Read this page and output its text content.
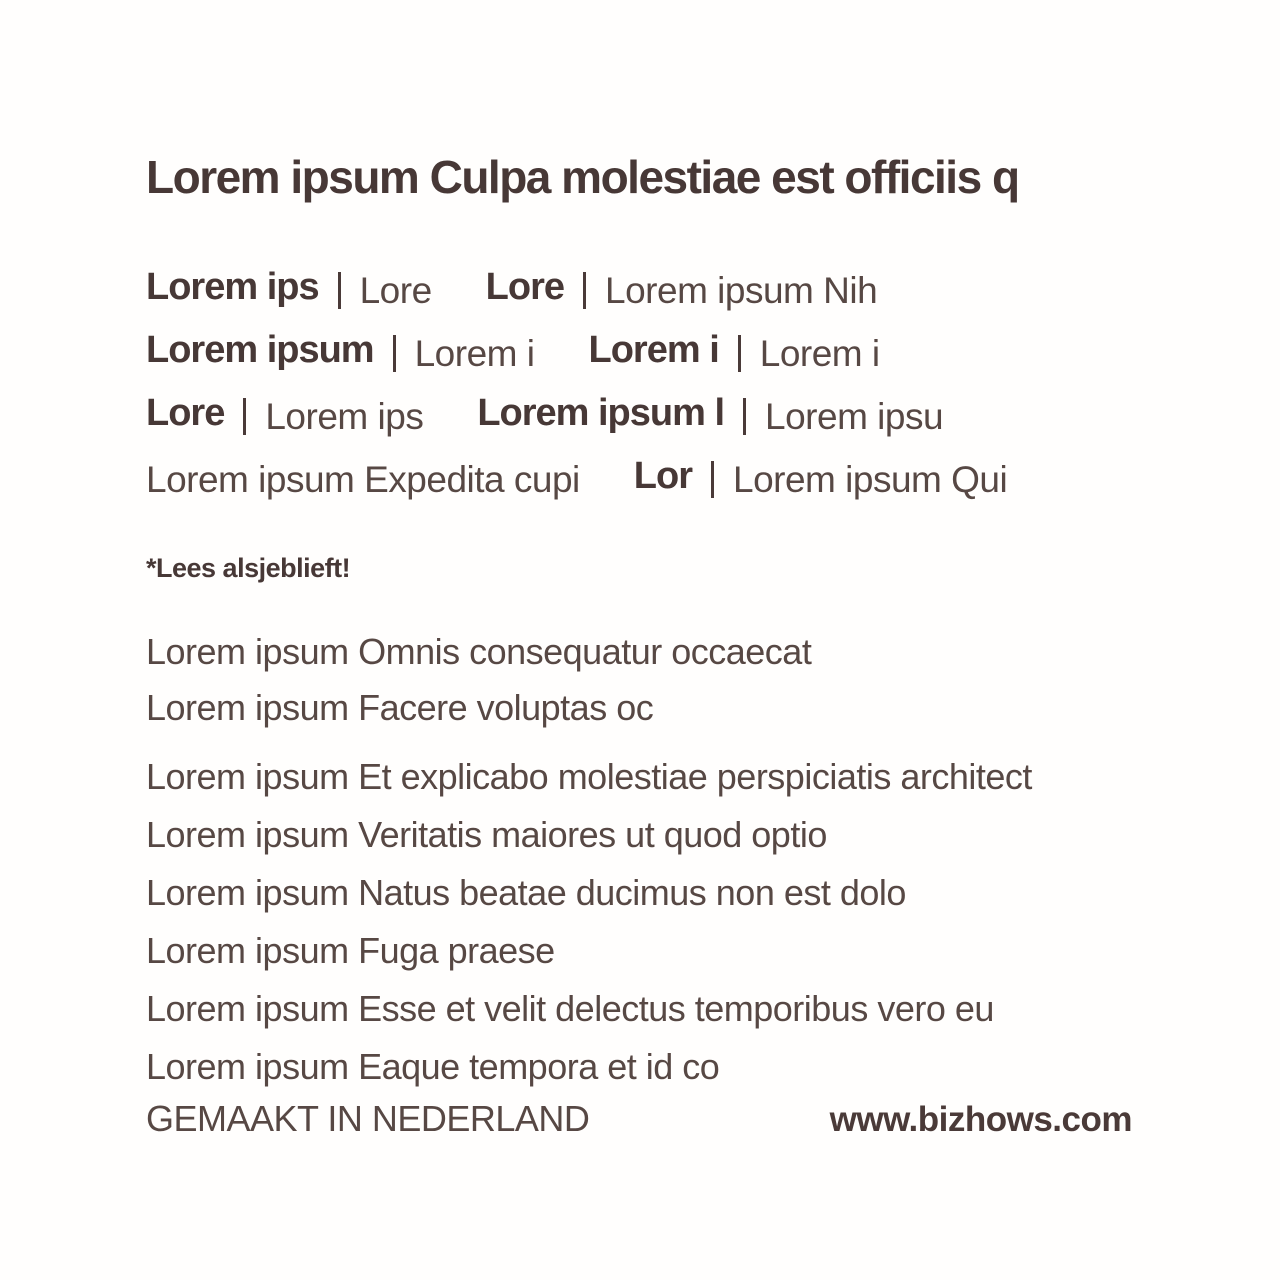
Lorem ipsum Culpa molestiae est officiis q
Lorem ips Lore Lore Lorem ipsum Nih
Lorem ipsum Lorem i Lorem i Lorem i
Lore Lorem ips Lorem ipsum l Lorem ipsu
Lorem ipsum Expedita cupi Lor Lorem ipsum Qui
*Lees alsjeblieft!
Lorem ipsum Omnis consequatur occaecat
Lorem ipsum Facere voluptas oc
Lorem ipsum Et explicabo molestiae perspiciatis architect
Lorem ipsum Veritatis maiores ut quod optio
Lorem ipsum Natus beatae ducimus non est dolo
Lorem ipsum Fuga praese
Lorem ipsum Esse et velit delectus temporibus vero eu
Lorem ipsum Eaque tempora et id co
GEMAAKT IN NEDERLAND	www.bizhows.com
